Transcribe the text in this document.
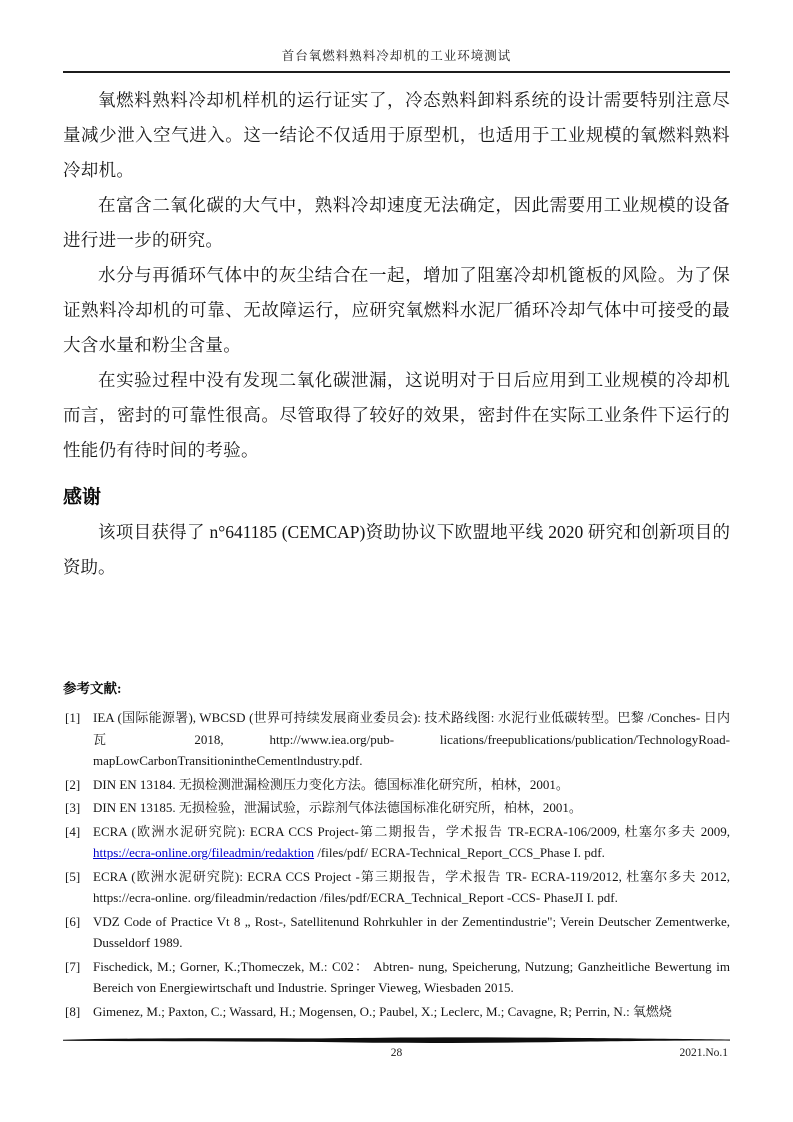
首台氧燃料熟料冷却机的工业环境测试

氧燃料熟料冷却机样机的运行证实了，冷态熟料卸料系统的设计需要特别注意尽量减少泄入空气进入。这一结论不仅适用于原型机，也适用于工业规模的氧燃料熟料冷却机。

在富含二氧化碳的大气中，熟料冷却速度无法确定，因此需要用工业规模的设备进行进一步的研究。

水分与再循环气体中的灰尘结合在一起，增加了阻塞冷却机篦板的风险。为了保证熟料冷却机的可靠、无故障运行，应研究氧燃料水泥厂循环冷却气体中可接受的最大含水量和粉尘含量。

在实验过程中没有发现二氧化碳泄漏，这说明对于日后应用到工业规模的冷却机而言，密封的可靠性很高。尽管取得了较好的效果，密封件在实际工业条件下运行的性能仍有待时间的考验。

感谢

该项目获得了 n°641185 (CEMCAP)资助协议下欧盟地平线 2020 研究和创新项目的资助。

参考文献:
[1] IEA (国际能源署), WBCSD (世界可持续发展商业委员会): 技术路线图: 水泥行业低碳转型。巴黎 /Conches- 日内瓦 2018, http://www.iea.org/pub- lications/freepublications/publication/TechnologyRoad- mapLowCarbonTransitionintheCementlndustry.pdf.
[2] DIN EN 13184. 无损检测泄漏检测压力变化方法。德国标准化研究所，柏林，2001。
[3] DIN EN 13185. 无损检验，泄漏试验，示踪剂气体法德国标准化研究所，柏林，2001。
[4] ECRA (欧洲水泥研究院): ECRA CCS Project-第二期报告，学术报告 TR-ECRA-106/2009, 杜塞尔多夫 2009, https://ecra-online.org/fileadmin/redaktion /files/pdf/ ECRA-Technical_Report_CCS_Phase I. pdf.
[5] ECRA (欧洲水泥研究院): ECRA CCS Project -第三期报告，学术报告 TR- ECRA-119/2012, 杜塞尔多夫 2012, https://ecra-online. org/fileadmin/redaction /files/pdf/ECRA_Technical_Report -CCS- PhaseJI I. pdf.
[6] VDZ Code of Practice Vt 8 „ Rost-, Satellitenund Rohrkuhler in der Zementindustrie"; Verein Deutscher Zementwerke, Dusseldorf 1989.
[7] Fischedick, M.; Gorner, K.;Thomeczek, M.: C02： Abtren- nung, Speicherung, Nutzung; Ganzheitliche Bewertung im Bereich von Energiewirtschaft und Industrie. Springer Vieweg, Wiesbaden 2015.
[8] Gimenez, M.; Paxton, C.; Wassard, H.; Mogensen, O.; Paubel, X.; Leclerc, M.; Cavagne, R; Perrin, N.: 氧燃烧
28	2021.No.1
